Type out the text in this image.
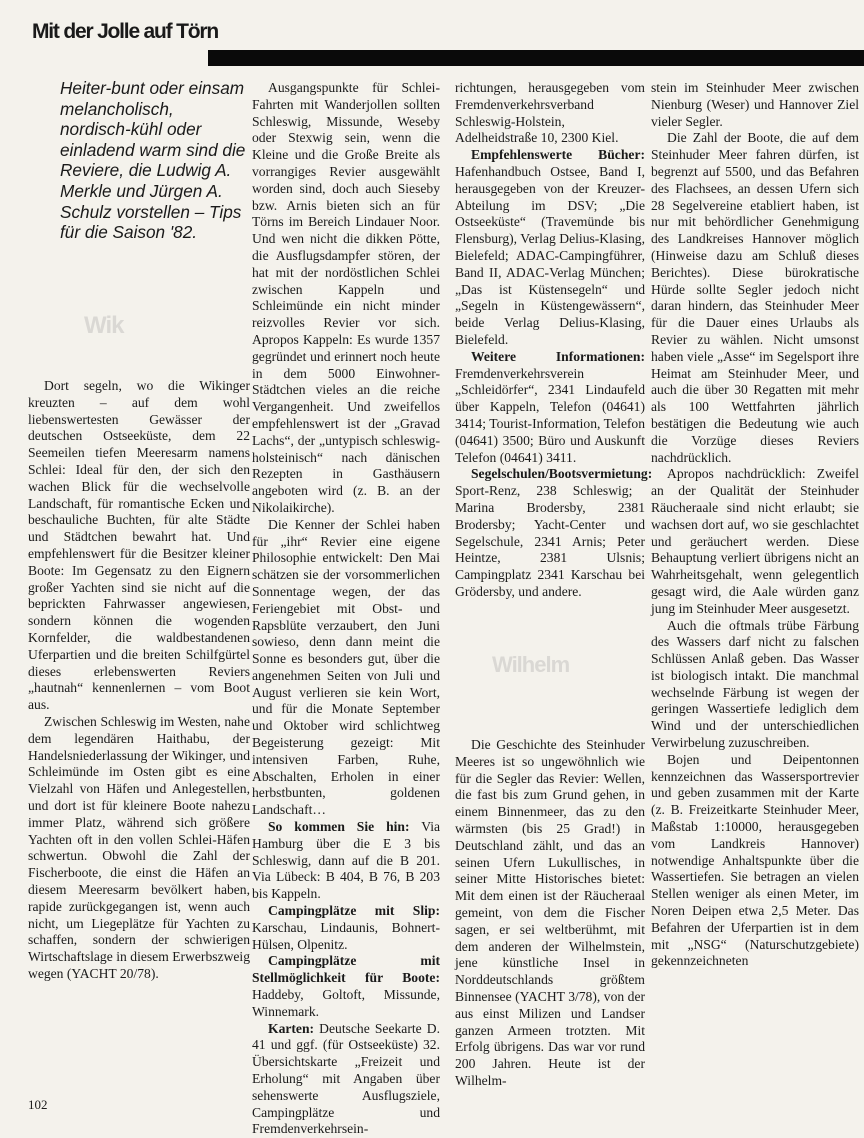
Mit der Jolle auf Törn
Heiter-bunt oder einsam melancholisch, nordisch-kühl oder einladend warm sind die Reviere, die Ludwig A. Merkle und Jürgen A. Schulz vorstellen – Tips für die Saison '82.
Wik
Wilhelm

Dort segeln, wo die Wikinger kreuzten – auf dem wohl liebenswertesten Gewässer der deutschen Ostseeküste, dem 22 Seemeilen tiefen Meeresarm namens Schlei: Ideal für den, der sich den wachen Blick für die wechselvolle Landschaft, für romantische Ecken und beschauliche Buchten, für alte Städte und Städtchen bewahrt hat. Und empfehlenswert für die Besitzer kleiner Boote: Im Gegensatz zu den Eignern großer Yachten sind sie nicht auf die beprickten Fahrwasser angewiesen, sondern können die wogenden Kornfelder, die waldbestandenen Uferpartien und die breiten Schilfgürtel dieses erlebenswerten Reviers „hautnah“ kennenlernen – vom Boot aus.

Zwischen Schleswig im Westen, nahe dem legendären Haithabu, der Handelsniederlassung der Wikinger, und Schleimünde im Osten gibt es eine Vielzahl von Häfen und Anlegestellen, und dort ist für kleinere Boote nahezu immer Platz, während sich größere Yachten oft in den vollen Schlei-Häfen schwertun. Obwohl die Zahl der Fischerboote, die einst die Häfen an diesem Meeresarm bevölkert haben, rapide zurückgegangen ist, wenn auch nicht, um Liegeplätze für Yachten zu schaffen, sondern der schwierigen Wirtschaftslage in diesem Erwerbszweig wegen (YACHT 20/78).

Ausgangspunkte für Schlei-Fahrten mit Wanderjollen sollten Schleswig, Missunde, Weseby oder Stexwig sein, wenn die Kleine und die Große Breite als vorrangiges Revier ausgewählt worden sind, doch auch Sieseby bzw. Arnis bieten sich an für Törns im Bereich Lindauer Noor. Und wen nicht die dikken Pötte, die Ausflugsdampfer stören, der hat mit der nordöstlichen Schlei zwischen Kappeln und Schleimünde ein nicht minder reizvolles Revier vor sich. Apropos Kappeln: Es wurde 1357 gegründet und erinnert noch heute in dem 5000 Einwohner-Städtchen vieles an die reiche Vergangenheit. Und zweifellos empfehlenswert ist der „Gravad Lachs“, der „untypisch schleswig-holsteinisch“ nach dänischen Rezepten in Gasthäusern angeboten wird (z. B. an der Nikolaikirche).

Die Kenner der Schlei haben für „ihr“ Revier eine eigene Philosophie entwickelt: Den Mai schätzen sie der vorsommerlichen Sonnentage wegen, der das Feriengebiet mit Obst- und Rapsblüte verzaubert, den Juni sowieso, denn dann meint die Sonne es besonders gut, über die angenehmen Seiten von Juli und August verlieren sie kein Wort, und für die Monate September und Oktober wird schlichtweg Begeisterung gezeigt: Mit intensiven Farben, Ruhe, Abschalten, Erholen in einer herbstbunten, goldenen Landschaft…

So kommen Sie hin: Via Hamburg über die E 3 bis Schleswig, dann auf die B 201. Via Lübeck: B 404, B 76, B 203 bis Kappeln.

Campingplätze mit Slip: Karschau, Lindaunis, Bohnert-Hülsen, Olpenitz.

Campingplätze mit Stellmöglichkeit für Boote: Haddeby, Goltoft, Missunde, Winnemark.

Karten: Deutsche Seekarte D. 41 und ggf. (für Ostseeküste) 32. Übersichtskarte „Freizeit und Erholung“ mit Angaben über sehenswerte Ausflugsziele, Campingplätze und Fremdenverkehrsein-

richtungen, herausgegeben vom Fremdenverkehrsverband Schleswig-Holstein, Adelheidstraße 10, 2300 Kiel.

Empfehlenswerte Bücher: Hafenhandbuch Ostsee, Band I, herausgegeben von der Kreuzer-Abteilung im DSV; „Die Ostseeküste“ (Travemünde bis Flensburg), Verlag Delius-Klasing, Bielefeld; ADAC-Campingführer, Band II, ADAC-Verlag München; „Das ist Küstensegeln“ und „Segeln in Küstengewässern“, beide Verlag Delius-Klasing, Bielefeld.

Weitere Informationen: Fremdenverkehrsverein „Schleidörfer“, 2341 Lindaufeld über Kappeln, Telefon (04641) 3414; Tourist-Information, Telefon (04641) 3500; Büro und Auskunft Telefon (04641) 3411.

Segelschulen/Bootsvermietung: Sport-Renz, 238 Schleswig; Marina Brodersby, 2381 Brodersby; Yacht-Center und Segelschule, 2341 Arnis; Peter Heintze, 2381 Ulsnis; Campingplatz 2341 Karschau bei Grödersby, und andere.

Die Geschichte des Steinhuder Meeres ist so ungewöhnlich wie für die Segler das Revier: Wellen, die fast bis zum Grund gehen, in einem Binnenmeer, das zu den wärmsten (bis 25 Grad!) in Deutschland zählt, und das an seinen Ufern Lukullisches, in seiner Mitte Historisches bietet: Mit dem einen ist der Räucheraal gemeint, von dem die Fischer sagen, er sei weltberühmt, mit dem anderen der Wilhelmstein, jene künstliche Insel in Norddeutschlands größtem Binnensee (YACHT 3/78), von der aus einst Milizen und Landser ganzen Armeen trotzten. Mit Erfolg übrigens. Das war vor rund 200 Jahren. Heute ist der Wilhelm-

stein im Steinhuder Meer zwischen Nienburg (Weser) und Hannover Ziel vieler Segler.

Die Zahl der Boote, die auf dem Steinhuder Meer fahren dürfen, ist begrenzt auf 5500, und das Befahren des Flachsees, an dessen Ufern sich 28 Segelvereine etabliert haben, ist nur mit behördlicher Genehmigung des Landkreises Hannover möglich (Hinweise dazu am Schluß dieses Berichtes). Diese bürokratische Hürde sollte Segler jedoch nicht daran hindern, das Steinhuder Meer für die Dauer eines Urlaubs als Revier zu wählen. Nicht umsonst haben viele „Asse“ im Segelsport ihre Heimat am Steinhuder Meer, und auch die über 30 Regatten mit mehr als 100 Wettfahrten jährlich bestätigen die Bedeutung wie auch die Vorzüge dieses Reviers nachdrücklich.

Apropos nachdrücklich: Zweifel an der Qualität der Steinhuder Räucheraale sind nicht erlaubt; sie wachsen dort auf, wo sie geschlachtet und geräuchert werden. Diese Behauptung verliert übrigens nicht an Wahrheitsgehalt, wenn gelegentlich gesagt wird, die Aale würden ganz jung im Steinhuder Meer ausgesetzt.

Auch die oftmals trübe Färbung des Wassers darf nicht zu falschen Schlüssen Anlaß geben. Das Wasser ist biologisch intakt. Die manchmal wechselnde Färbung ist wegen der geringen Wassertiefe lediglich dem Wind und der unterschiedlichen Verwirbelung zuzuschreiben.

Bojen und Deipentonnen kennzeichnen das Wassersportrevier und geben zusammen mit der Karte (z. B. Freizeitkarte Steinhuder Meer, Maßstab 1:10000, herausgegeben vom Landkreis Hannover) notwendige Anhaltspunkte über die Wassertiefen. Sie betragen an vielen Stellen weniger als einen Meter, im Noren Deipen etwa 2,5 Meter. Das Befahren der Uferpartien ist in dem mit „NSG“ (Naturschutzgebiete) gekennzeichneten

102
